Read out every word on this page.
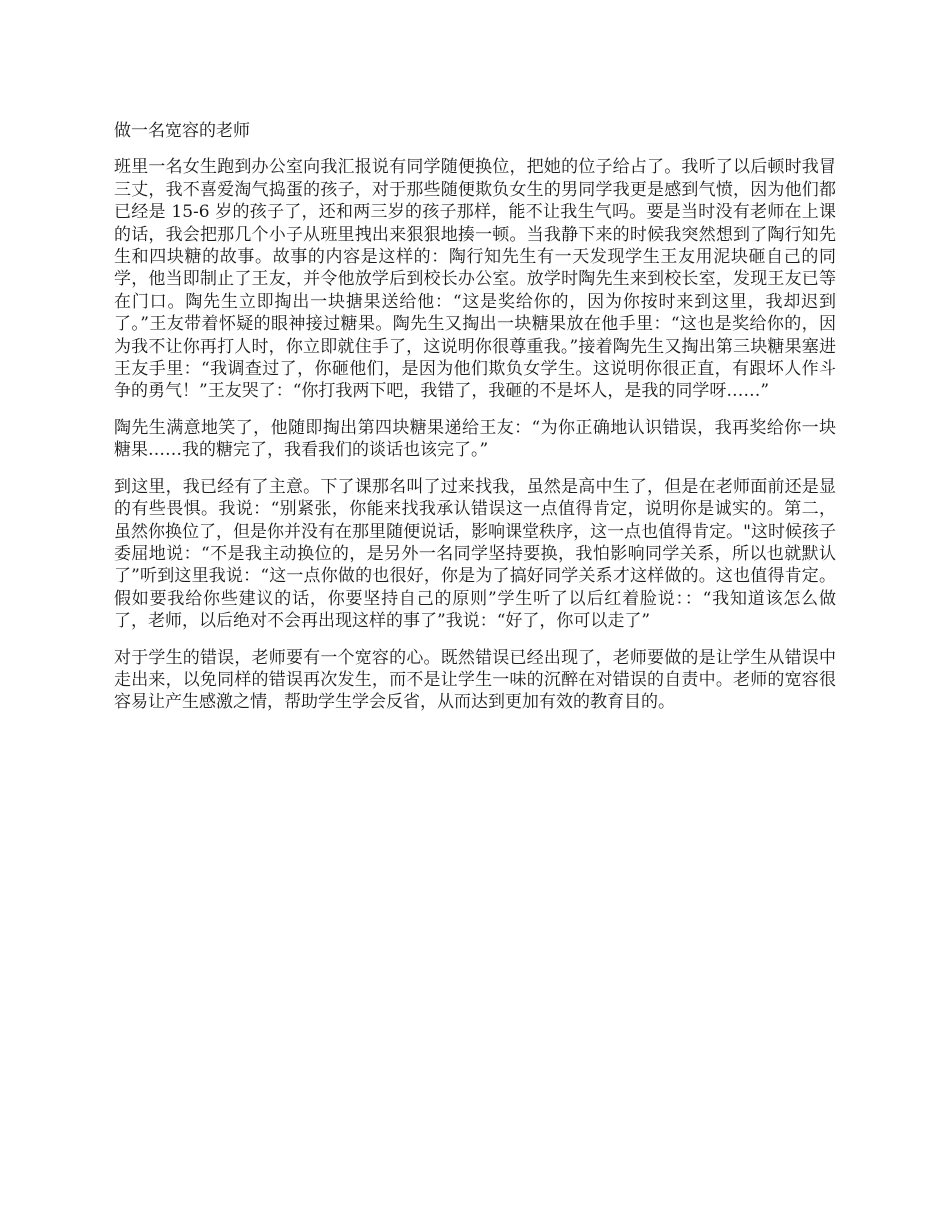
做一名宽容的老师

班里一名女生跑到办公室向我汇报说有同学随便换位，把她的位子给占了。我听了以后顿时我冒三丈，我不喜爱淘气捣蛋的孩子，对于那些随便欺负女生的男同学我更是感到气愤，因为他们都已经是 15-6 岁的孩子了，还和两三岁的孩子那样，能不让我生气吗。要是当时没有老师在上课的话，我会把那几个小子从班里拽出来狠狠地揍一顿。当我静下来的时候我突然想到了陶行知先生和四块糖的故事。故事的内容是这样的：陶行知先生有一天发现学生王友用泥块砸自己的同学，他当即制止了王友，并令他放学后到校长办公室。放学时陶先生来到校长室，发现王友已等在门口。陶先生立即掏出一块搪果送给他：“这是奖给你的，因为你按时来到这里，我却迟到了。”王友带着怀疑的眼神接过糖果。陶先生又掏出一块糖果放在他手里：“这也是奖给你的，因为我不让你再打人时，你立即就住手了，这说明你很尊重我。”接着陶先生又掏出第三块糖果塞进王友手里：“我调查过了，你砸他们，是因为他们欺负女学生。这说明你很正直，有跟坏人作斗争的勇气！”王友哭了：“你打我两下吧，我错了，我砸的不是坏人，是我的同学呀……”

陶先生满意地笑了，他随即掏出第四块糖果递给王友：“为你正确地认识错误，我再奖给你一块糖果……我的糖完了，我看我们的谈话也该完了。”

到这里，我已经有了主意。下了课那名叫了过来找我，虽然是高中生了，但是在老师面前还是显的有些畏惧。我说：“别紧张，你能来找我承认错误这一点值得肯定，说明你是诚实的。第二，虽然你换位了，但是你并没有在那里随便说话，影响课堂秩序，这一点也值得肯定。"这时候孩子委屈地说：“不是我主动换位的，是另外一名同学坚持要换，我怕影响同学关系，所以也就默认了”听到这里我说：“这一点你做的也很好，你是为了搞好同学关系才这样做的。这也值得肯定。假如要我给你些建议的话，你要坚持自己的原则”学生听了以后红着脸说：：“我知道该怎么做了，老师，以后绝对不会再出现这样的事了”我说：“好了，你可以走了”

对于学生的错误，老师要有一个宽容的心。既然错误已经出现了，老师要做的是让学生从错误中走出来，以免同样的错误再次发生，而不是让学生一味的沉醉在对错误的自责中。老师的宽容很容易让产生感激之情，帮助学生学会反省，从而达到更加有效的教育目的。
